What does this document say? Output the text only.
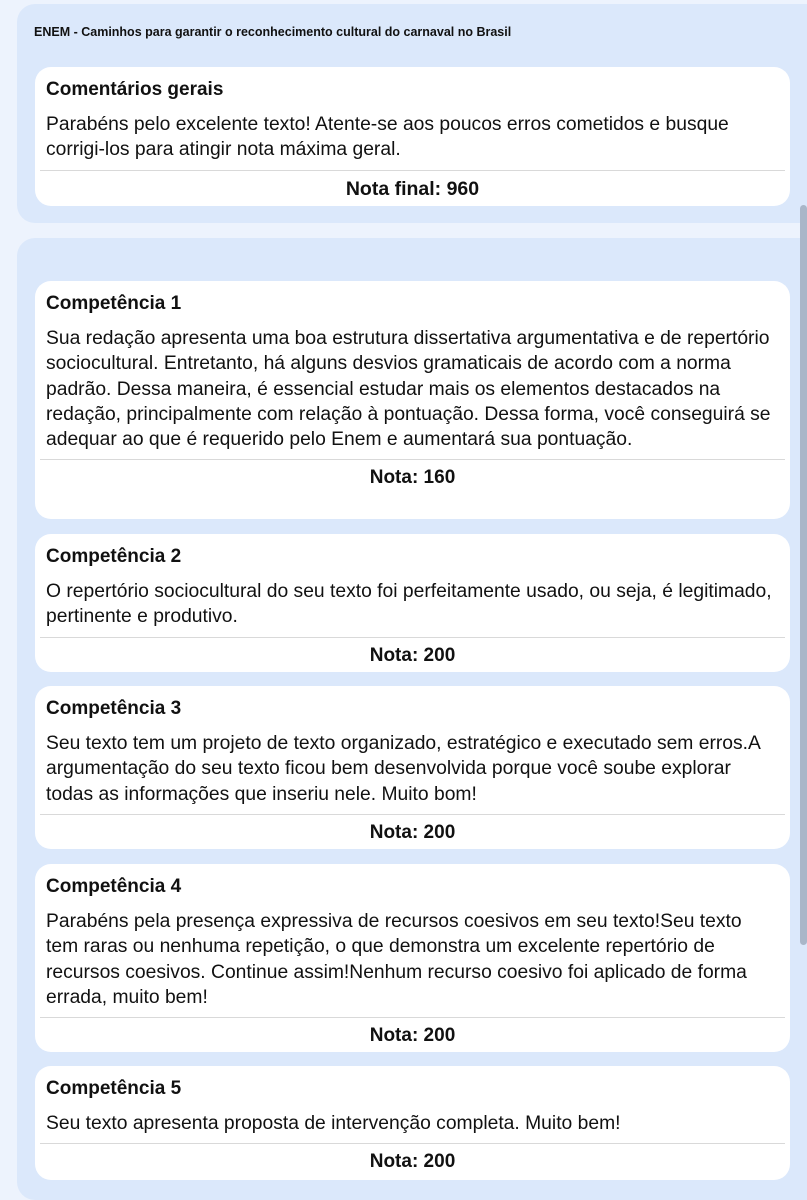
ENEM - Caminhos para garantir o reconhecimento cultural do carnaval no Brasil
Comentários gerais
Parabéns pelo excelente texto! Atente-se aos poucos erros cometidos e busque corrigi-los para atingir nota máxima geral.
Nota final: 960
Competência 1
Sua redação apresenta uma boa estrutura dissertativa argumentativa e de repertório sociocultural. Entretanto, há alguns desvios gramaticais de acordo com a norma padrão. Dessa maneira, é essencial estudar mais os elementos destacados na redação, principalmente com relação à pontuação. Dessa forma, você conseguirá se adequar ao que é requerido pelo Enem e aumentará sua pontuação.
Nota: 160
Competência 2
O repertório sociocultural do seu texto foi perfeitamente usado, ou seja, é legitimado, pertinente e produtivo.
Nota: 200
Competência 3
Seu texto tem um projeto de texto organizado, estratégico e executado sem erros.A argumentação do seu texto ficou bem desenvolvida porque você soube explorar todas as informações que inseriu nele. Muito bom!
Nota: 200
Competência 4
Parabéns pela presença expressiva de recursos coesivos em seu texto!Seu texto tem raras ou nenhuma repetição, o que demonstra um excelente repertório de recursos coesivos. Continue assim!Nenhum recurso coesivo foi aplicado de forma errada, muito bem!
Nota: 200
Competência 5
Seu texto apresenta proposta de intervenção completa. Muito bem!
Nota: 200
